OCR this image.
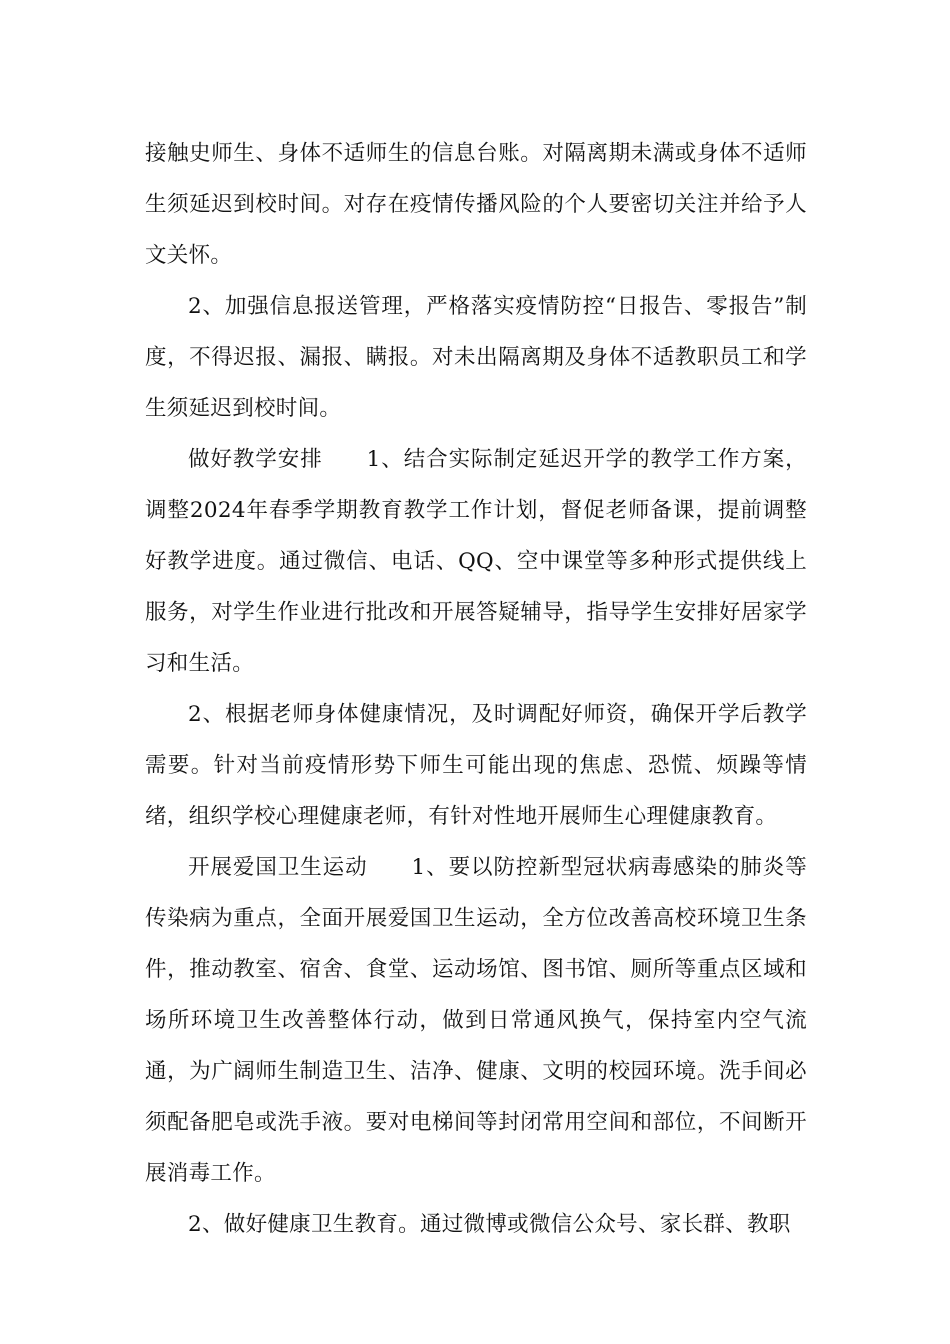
接触史师生、身体不适师生的信息台账。对隔离期未满或身体不适师生须延迟到校时间。对存在疫情传播风险的个人要密切关注并给予人文关怀。

2、加强信息报送管理，严格落实疫情防控“日报告、零报告”制度，不得迟报、漏报、瞒报。对未出隔离期及身体不适教职员工和学生须延迟到校时间。

做好教学安排 1、结合实际制定延迟开学的教学工作方案，调整2024年春季学期教育教学工作计划，督促老师备课，提前调整好教学进度。通过微信、电话、QQ、空中课堂等多种形式提供线上服务，对学生作业进行批改和开展答疑辅导，指导学生安排好居家学习和生活。

2、根据老师身体健康情况，及时调配好师资，确保开学后教学需要。针对当前疫情形势下师生可能出现的焦虑、恐慌、烦躁等情绪，组织学校心理健康老师，有针对性地开展师生心理健康教育。

开展爱国卫生运动 1、要以防控新型冠状病毒感染的肺炎等传染病为重点，全面开展爱国卫生运动，全方位改善高校环境卫生条件，推动教室、宿舍、食堂、运动场馆、图书馆、厕所等重点区域和场所环境卫生改善整体行动，做到日常通风换气，保持室内空气流通，为广阔师生制造卫生、洁净、健康、文明的校园环境。洗手间必须配备肥皂或洗手液。要对电梯间等封闭常用空间和部位，不间断开展消毒工作。

2、做好健康卫生教育。通过微博或微信公众号、家长群、教职
